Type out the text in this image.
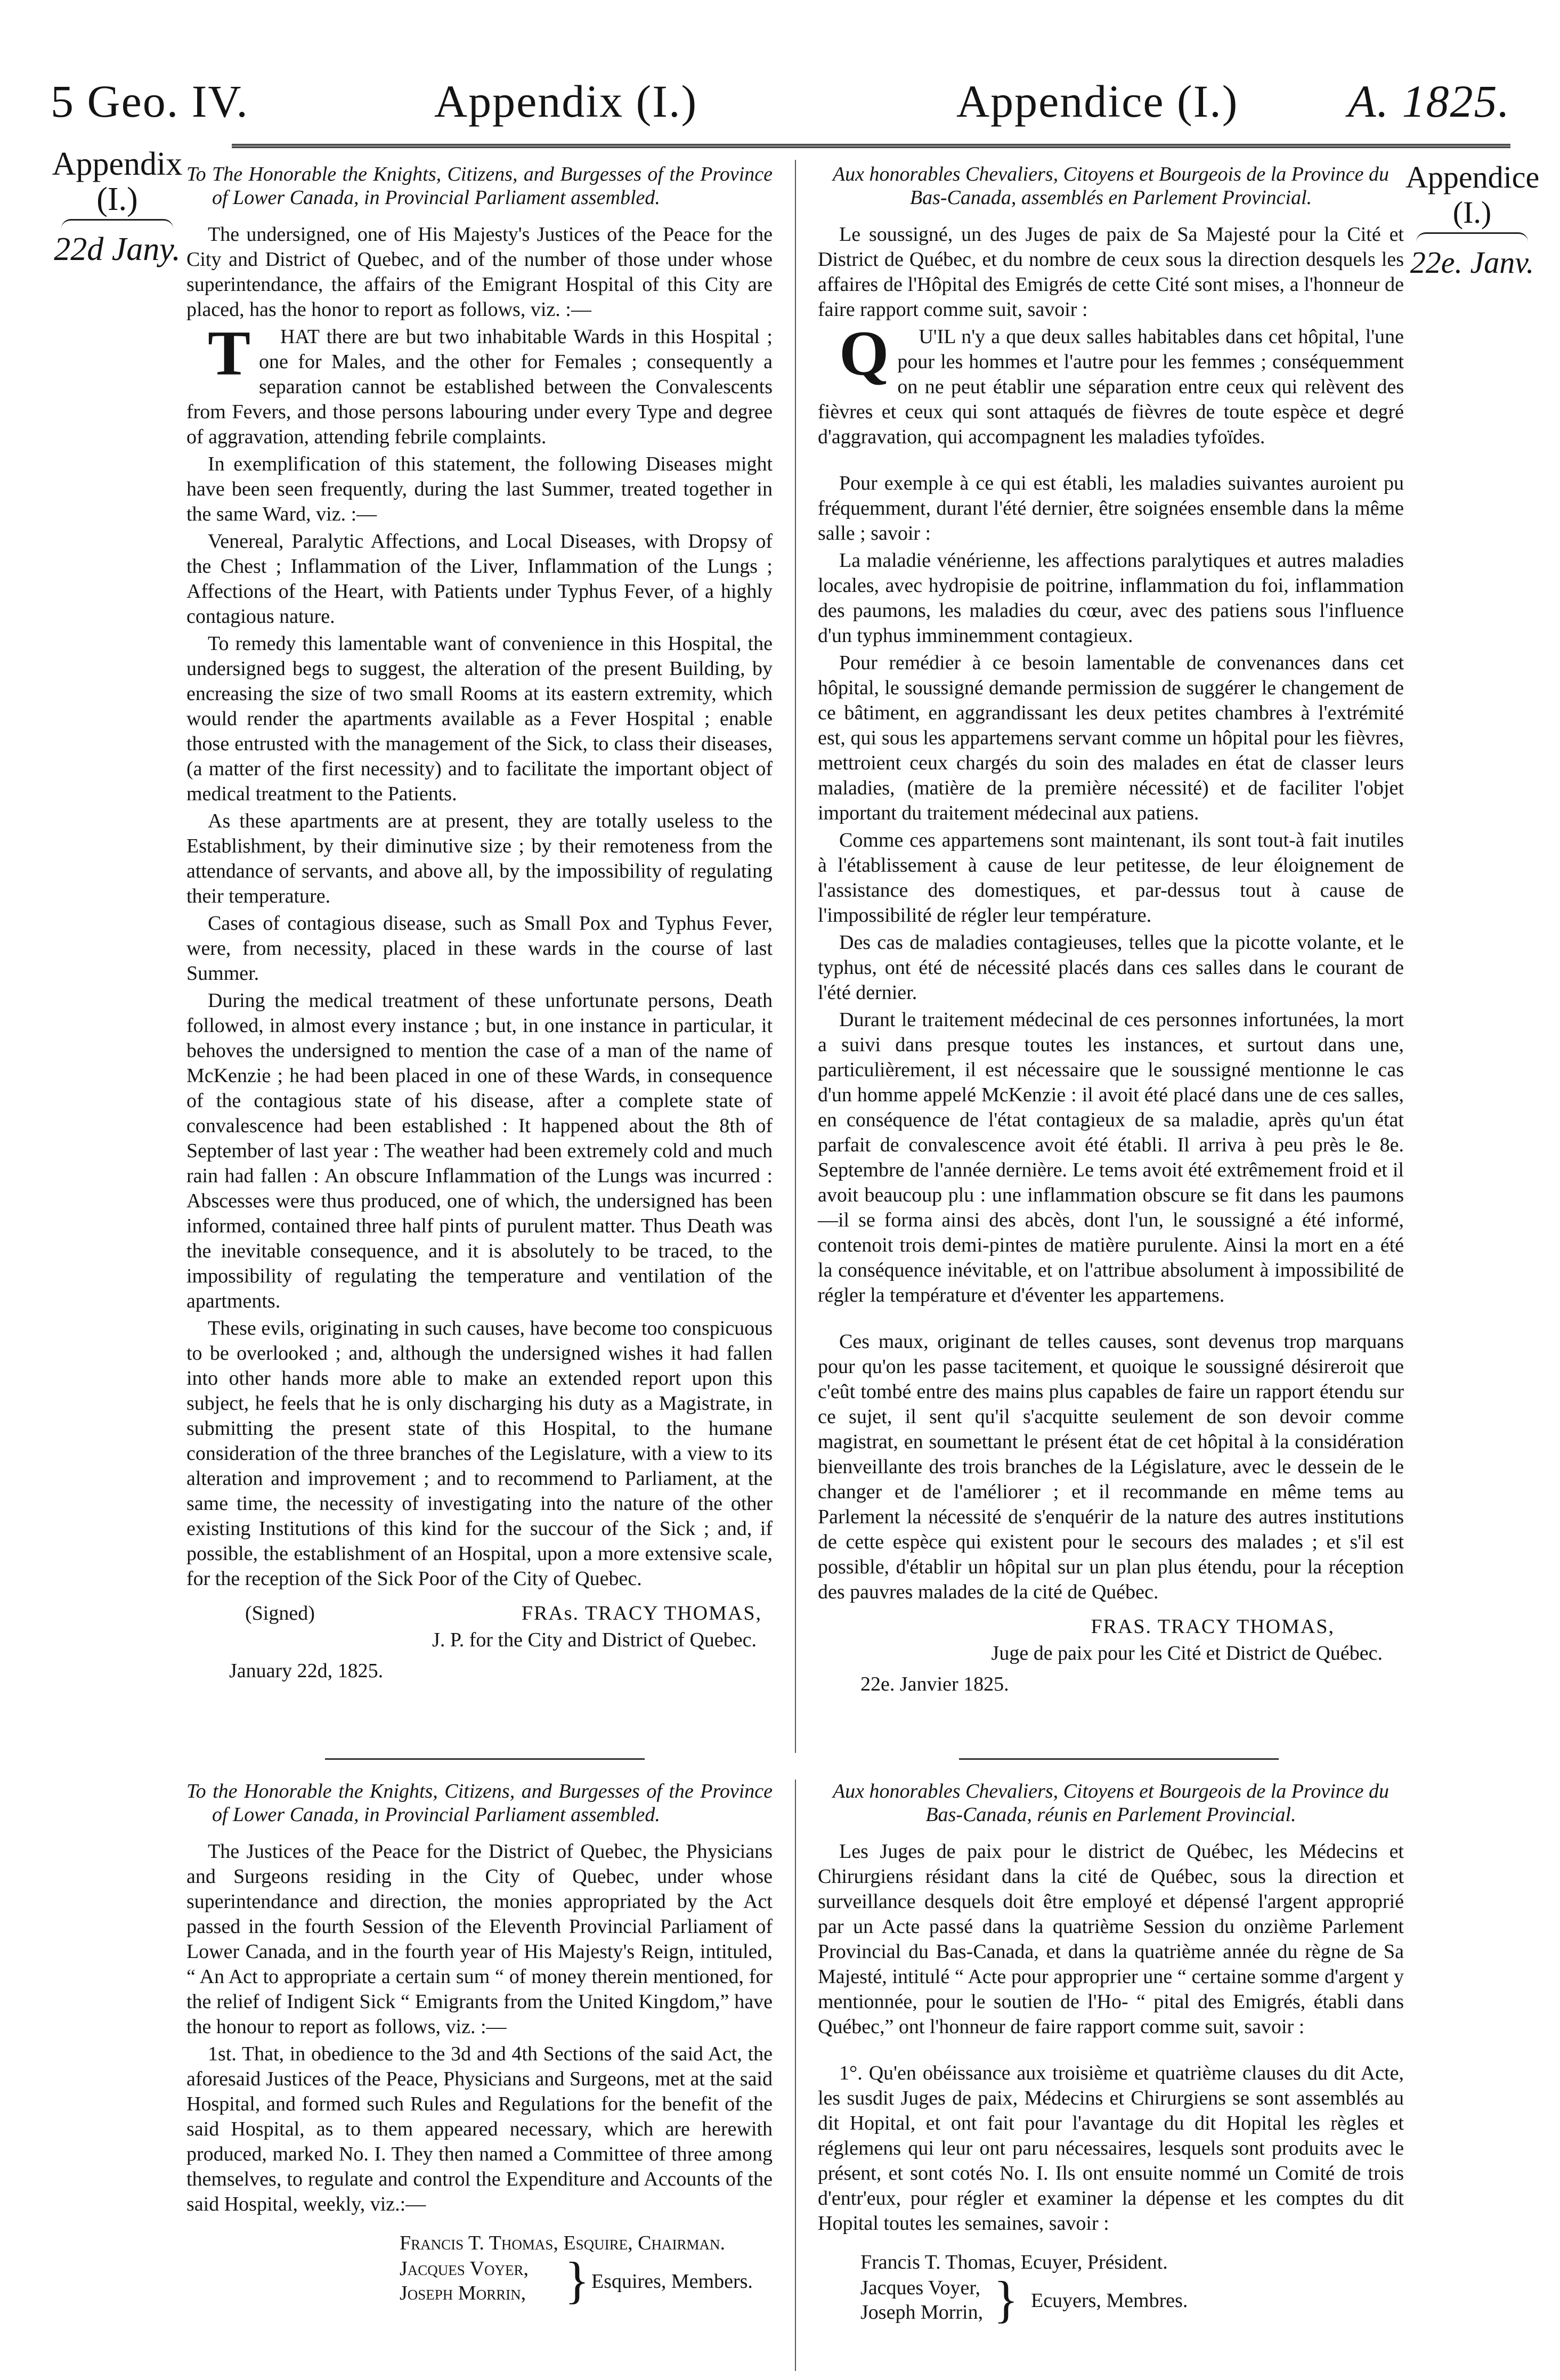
5 Geo. IV.	Appendix (I.)	Appendice (I.) A. 1825.
Appendix
(I.)
22d Jany.
Appendice
(I.)
22e. Janv.

To The Honorable the Knights, Citizens, and Burgesses of the Province of Lower Canada, in Provincial Parliament assembled.

The undersigned, one of His Majesty's Justices of the Peace for the City and District of Quebec, and of the number of those under whose superintendance, the affairs of the Emigrant Hospital of this City are placed, has the honor to report as follows, viz. :—

THAT there are but two inhabitable Wards in this Hospital ; one for Males, and the other for Females ; consequently a separation cannot be established between the Convalescents from Fevers, and those persons labouring under every Type and degree of aggravation, attending febrile complaints.

In exemplification of this statement, the following Diseases might have been seen frequently, during the last Summer, treated together in the same Ward, viz. :—

Venereal, Paralytic Affections, and Local Diseases, with Dropsy of the Chest ; Inflammation of the Liver, Inflammation of the Lungs ; Affections of the Heart, with Patients under Typhus Fever, of a highly contagious nature.

To remedy this lamentable want of convenience in this Hospital, the undersigned begs to suggest, the alteration of the present Building, by encreasing the size of two small Rooms at its eastern extremity, which would render the apartments available as a Fever Hospital ; enable those entrusted with the management of the Sick, to class their diseases, (a matter of the first necessity) and to facilitate the important object of medical treatment to the Patients.

As these apartments are at present, they are totally useless to the Establishment, by their diminutive size ; by their remoteness from the attendance of servants, and above all, by the impossibility of regulating their temperature.

Cases of contagious disease, such as Small Pox and Typhus Fever, were, from necessity, placed in these wards in the course of last Summer.

During the medical treatment of these unfortunate persons, Death followed, in almost every instance ; but, in one instance in particular, it behoves the undersigned to mention the case of a man of the name of McKenzie ; he had been placed in one of these Wards, in consequence of the contagious state of his disease, after a complete state of convalescence had been established : It happened about the 8th of September of last year : The weather had been extremely cold and much rain had fallen : An obscure Inflammation of the Lungs was incurred : Abscesses were thus produced, one of which, the undersigned has been informed, contained three half pints of purulent matter. Thus Death was the inevitable consequence, and it is absolutely to be traced, to the impossibility of regulating the temperature and ventilation of the apartments.

These evils, originating in such causes, have become too conspicuous to be overlooked ; and, although the undersigned wishes it had fallen into other hands more able to make an extended report upon this subject, he feels that he is only discharging his duty as a Magistrate, in submitting the present state of this Hospital, to the humane consideration of the three branches of the Legislature, with a view to its alteration and improvement ; and to recommend to Parliament, at the same time, the necessity of investigating into the nature of the other existing Institutions of this kind for the succour of the Sick ; and, if possible, the establishment of an Hospital, upon a more extensive scale, for the reception of the Sick Poor of the City of Quebec.

(Signed)	FRAs. TRACY THOMAS,
J. P. for the City and District of Quebec.
January 22d, 1825.

Aux honorables Chevaliers, Citoyens et Bourgeois de la Province du Bas-Canada, assemblés en Parlement Provincial.

Le soussigné, un des Juges de paix de Sa Majesté pour la Cité et District de Québec, et du nombre de ceux sous la direction desquels les affaires de l'Hôpital des Emigrés de cette Cité sont mises, a l'honneur de faire rapport comme suit, savoir :

QU'IL n'y a que deux salles habitables dans cet hôpital, l'une pour les hommes et l'autre pour les femmes ; conséquemment on ne peut établir une séparation entre ceux qui relèvent des fièvres et ceux qui sont attaqués de fièvres de toute espèce et degré d'aggravation, qui accompagnent les maladies tyfoïdes.

Pour exemple à ce qui est établi, les maladies suivantes auroient pu fréquemment, durant l'été dernier, être soignées ensemble dans la même salle ; savoir :

La maladie vénérienne, les affections paralytiques et autres maladies locales, avec hydropisie de poitrine, inflammation du foi, inflammation des paumons, les maladies du cœur, avec des patiens sous l'influence d'un typhus imminemment contagieux.

Pour remédier à ce besoin lamentable de convenances dans cet hôpital, le soussigné demande permission de suggérer le changement de ce bâtiment, en aggrandissant les deux petites chambres à l'extrémité est, qui sous les appartemens servant comme un hôpital pour les fièvres, mettroient ceux chargés du soin des malades en état de classer leurs maladies, (matière de la première nécessité) et de faciliter l'objet important du traitement médecinal aux patiens.

Comme ces appartemens sont maintenant, ils sont tout-à fait inutiles à l'établissement à cause de leur petitesse, de leur éloignement de l'assistance des domestiques, et par-dessus tout à cause de l'impossibilité de régler leur température.

Des cas de maladies contagieuses, telles que la picotte volante, et le typhus, ont été de nécessité placés dans ces salles dans le courant de l'été dernier.

Durant le traitement médecinal de ces personnes infortunées, la mort a suivi dans presque toutes les instances, et surtout dans une, particulièrement, il est nécessaire que le soussigné mentionne le cas d'un homme appelé McKenzie : il avoit été placé dans une de ces salles, en conséquence de l'état contagieux de sa maladie, après qu'un état parfait de convalescence avoit été établi. Il arriva à peu près le 8e. Septembre de l'année dernière. Le tems avoit été extrêmement froid et il avoit beaucoup plu : une inflammation obscure se fit dans les paumons—il se forma ainsi des abcès, dont l'un, le soussigné a été informé, contenoit trois demi-pintes de matière purulente. Ainsi la mort en a été la conséquence inévitable, et on l'attribue absolument à impossibilité de régler la température et d'éventer les appartemens.

Ces maux, originant de telles causes, sont devenus trop marquans pour qu'on les passe tacitement, et quoique le soussigné désireroit que c'eût tombé entre des mains plus capables de faire un rapport étendu sur ce sujet, il sent qu'il s'acquitte seulement de son devoir comme magistrat, en soumettant le présent état de cet hôpital à la considération bienveillante des trois branches de la Législature, avec le dessein de le changer et de l'améliorer ; et il recommande en même tems au Parlement la nécessité de s'enquérir de la nature des autres institutions de cette espèce qui existent pour le secours des malades ; et s'il est possible, d'établir un hôpital sur un plan plus étendu, pour la réception des pauvres malades de la cité de Québec.

FRAS. TRACY THOMAS,
Juge de paix pour les Cité et District de Québec.
22e. Janvier 1825.

To the Honorable the Knights, Citizens, and Burgesses of the Province of Lower Canada, in Provincial Parliament assembled.

The Justices of the Peace for the District of Quebec, the Physicians and Surgeons residing in the City of Quebec, under whose superintendance and direction, the monies appropriated by the Act passed in the fourth Session of the Eleventh Provincial Parliament of Lower Canada, and in the fourth year of His Majesty's Reign, intituled, “ An Act to appropriate a certain sum “ of money therein mentioned, for the relief of Indigent Sick “ Emigrants from the United Kingdom,” have the honour to report as follows, viz. :—

1st. That, in obedience to the 3d and 4th Sections of the said Act, the aforesaid Justices of the Peace, Physicians and Surgeons, met at the said Hospital, and formed such Rules and Regulations for the benefit of the said Hospital, as to them appeared necessary, which are herewith produced, marked No. I. They then named a Committee of three among themselves, to regulate and control the Expenditure and Accounts of the said Hospital, weekly, viz.:—

Francis T. Thomas, Esquire, Chairman.
Jacques Voyer,
Joseph Morrin, } Esquires, Members.

Aux honorables Chevaliers, Citoyens et Bourgeois de la Province du Bas-Canada, réunis en Parlement Provincial.

Les Juges de paix pour le district de Québec, les Médecins et Chirurgiens résidant dans la cité de Québec, sous la direction et surveillance desquels doit être employé et dépensé l'argent approprié par un Acte passé dans la quatrième Session du onzième Parlement Provincial du Bas-Canada, et dans la quatrième année du règne de Sa Majesté, intitulé “ Acte pour approprier une “ certaine somme d'argent y mentionnée, pour le soutien de l'Ho- “ pital des Emigrés, établi dans Québec,” ont l'honneur de faire rapport comme suit, savoir :

1°. Qu'en obéissance aux troisième et quatrième clauses du dit Acte, les susdit Juges de paix, Médecins et Chirurgiens se sont assemblés au dit Hopital, et ont fait pour l'avantage du dit Hopital les règles et réglemens qui leur ont paru nécessaires, lesquels sont produits avec le présent, et sont cotés No. I. Ils ont ensuite nommé un Comité de trois d'entr'eux, pour régler et examiner la dépense et les comptes du dit Hopital toutes les semaines, savoir :

Francis T. Thomas, Ecuyer, Président.
Jacques Voyer,
Joseph Morrin, } Ecuyers, Membres.
